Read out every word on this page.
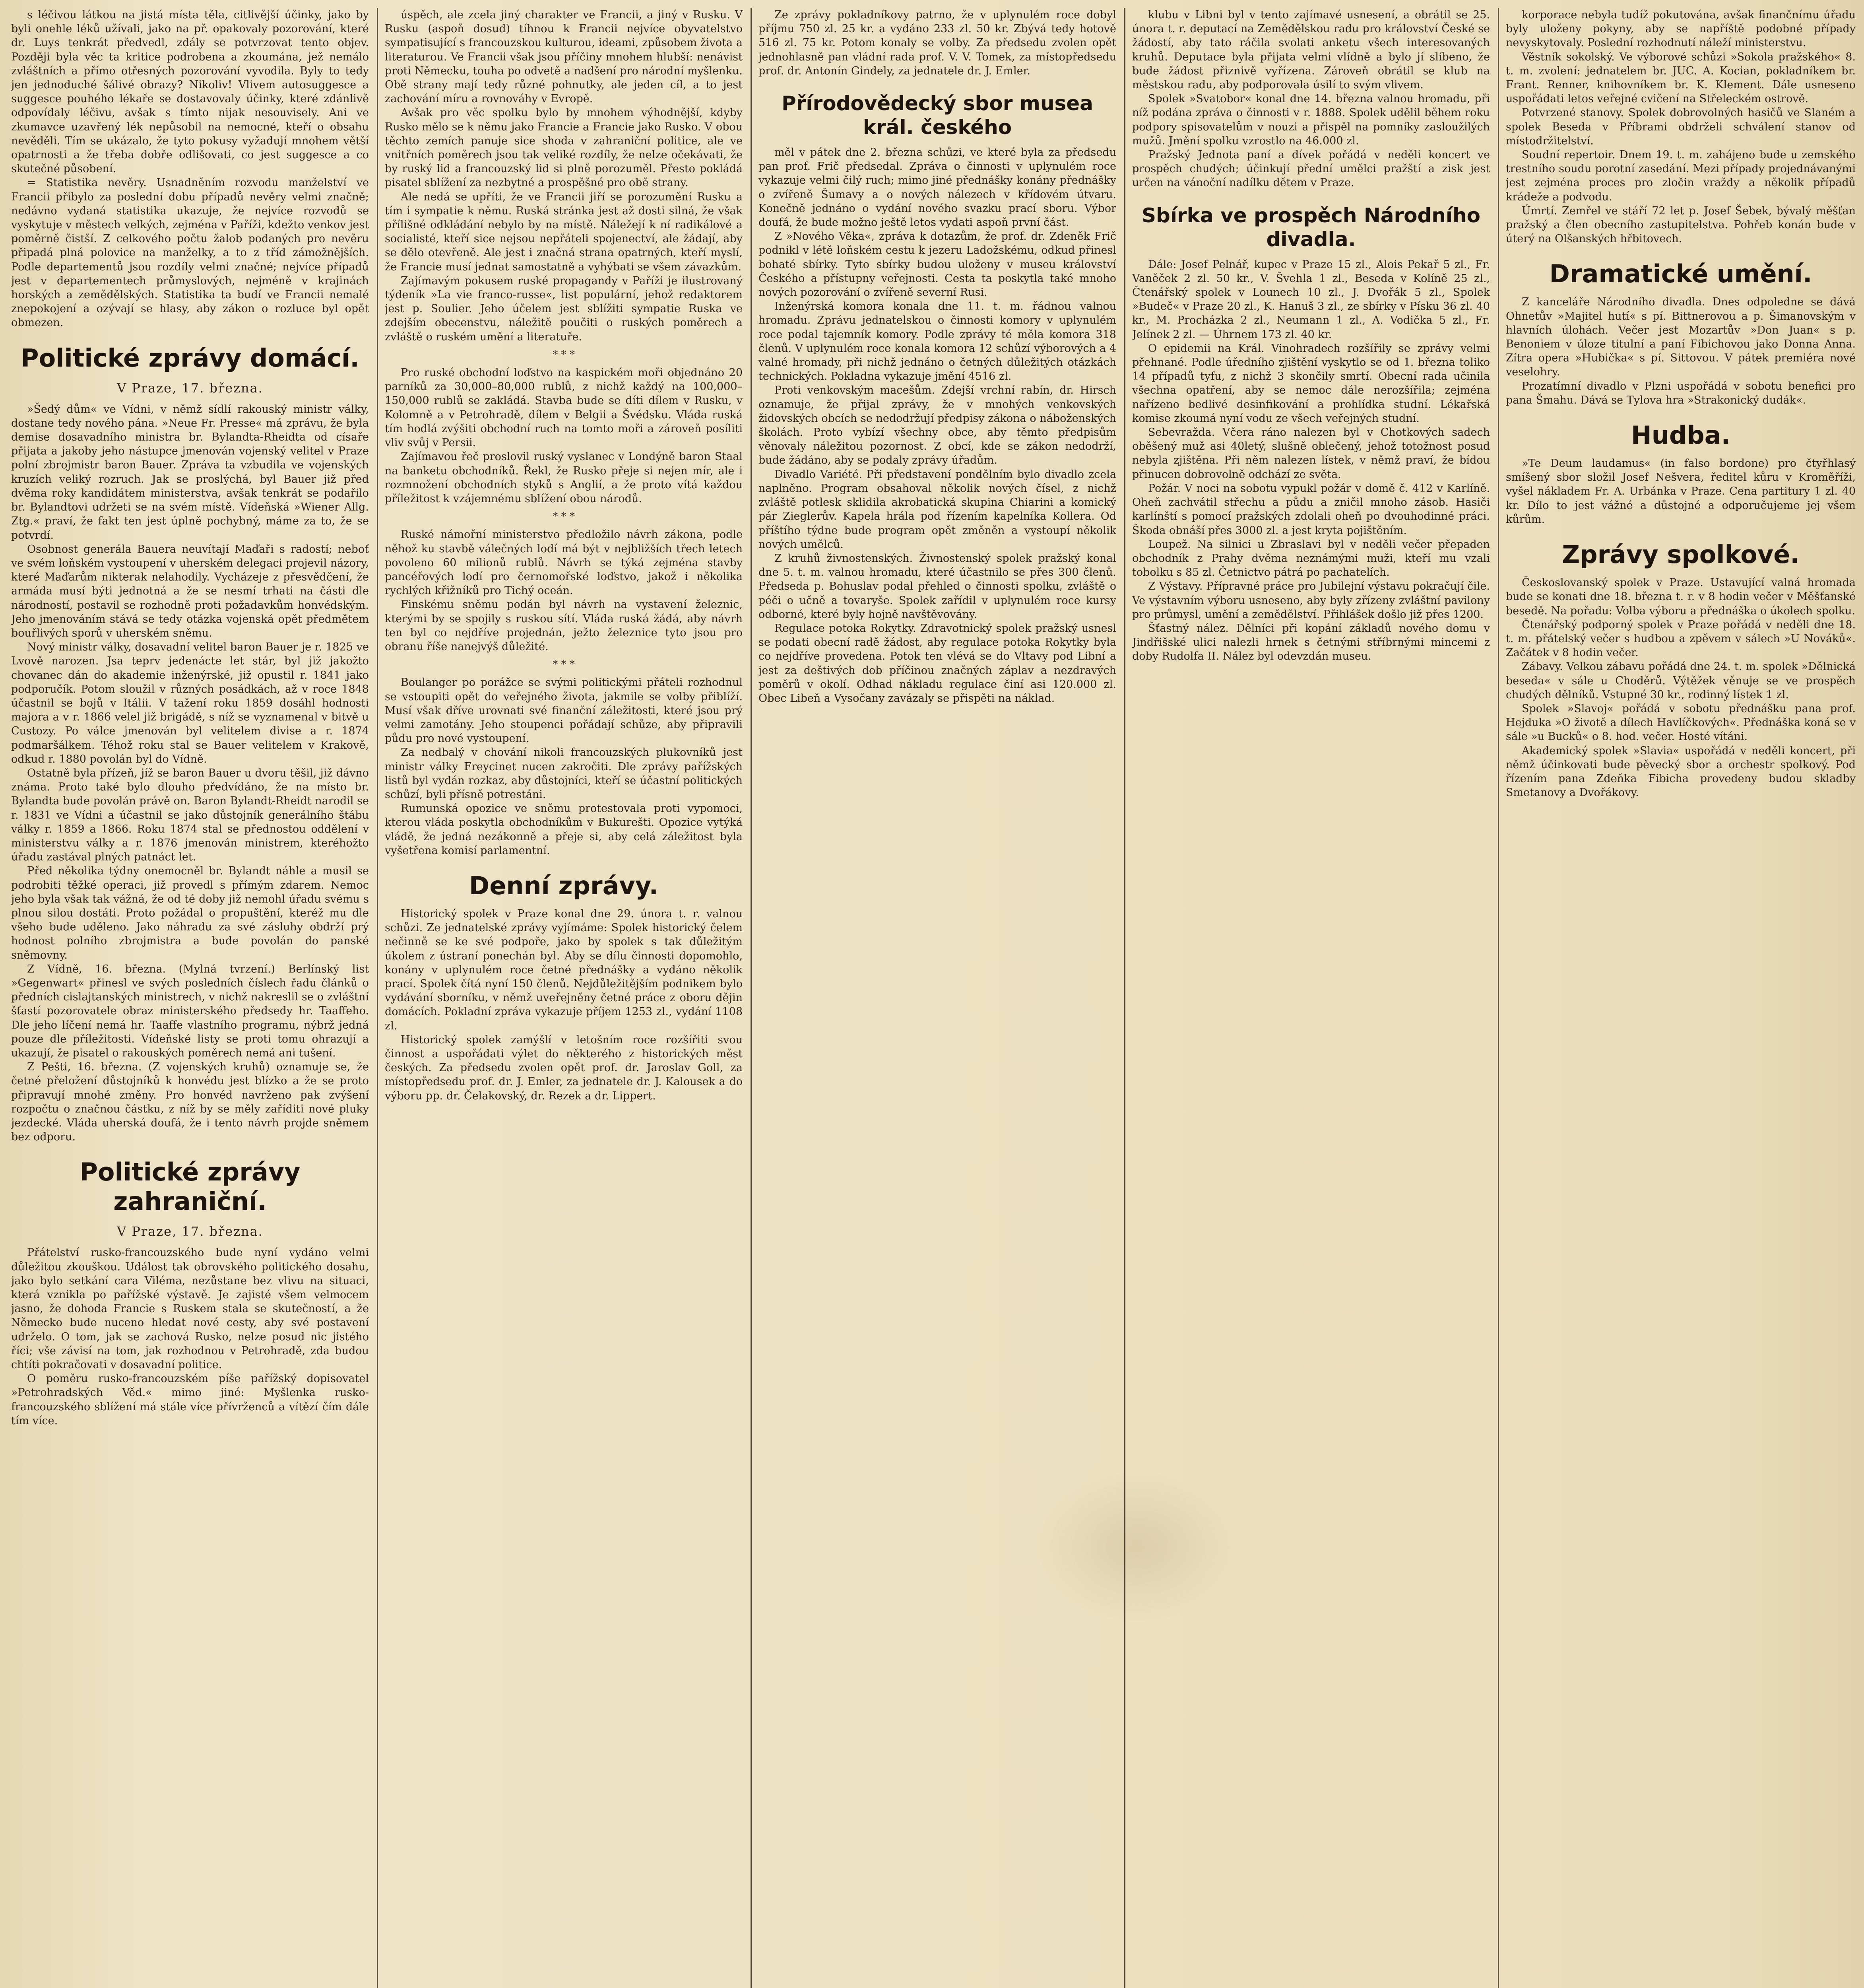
s léčivou látkou na jistá místa těla, citlivější účinky, jako by byli onehle léků užívali, jako na př. opakovaly pozorování, které dr. Luys tenkrát předvedl, zdály se potvrzovat tento objev. Později byla věc ta kritice podrobena a zkoumána, jež nemálo zvláštních a přímo otřesných pozorování vyvodila. Byly to tedy jen jednoduché šálivé obrazy? Nikoliv! Vlivem autosuggesce a suggesce pouhého lékaře se dostavovaly účinky, které zdánlivě odpovídaly léčivu, avšak s tímto nijak nesouvisely. Ani ve zkumavce uzavřený lék nepůsobil na nemocné, kteří o obsahu nevěděli. Tím se ukázalo, že tyto pokusy vyžadují mnohem větší opatrnosti a že třeba dobře odlišovati, co jest suggesce a co skutečné působení.

= Statistika nevěry. Usnadněním rozvodu manželství ve Francii přibylo za poslední dobu případů nevěry velmi značně; nedávno vydaná statistika ukazuje, že nejvíce rozvodů se vyskytuje v městech velkých, zejména v Paříži, kdežto venkov jest poměrně čistší. Z celkového počtu žalob podaných pro nevěru připadá plná polovice na manželky, a to z tříd zámožnějších. Podle departementů jsou rozdíly velmi značné; nejvíce případů jest v departementech průmyslových, nejméně v krajinách horských a zemědělských. Statistika ta budí ve Francii nemalé znepokojení a ozývají se hlasy, aby zákon o rozluce byl opět obmezen.

Politické zprávy domácí.
V Praze, 17. března.

»Šedý dům« ve Vídni, v němž sídlí rakouský ministr války, dostane tedy nového pána. »Neue Fr. Presse« má zprávu, že byla demise dosavadního ministra br. Bylandta-Rheidta od císaře přijata a jakoby jeho nástupce jmenován vojenský velitel v Praze polní zbrojmistr baron Bauer. Zpráva ta vzbudila ve vojenských kruzích veliký rozruch. Jak se proslýchá, byl Bauer již před dvěma roky kandidátem ministerstva, avšak tenkrát se podařilo br. Bylandtovi udržeti se na svém místě. Vídeňská »Wiener Allg. Ztg.« praví, že fakt ten jest úplně pochybný, máme za to, že se potvrdí.

Osobnost generála Bauera neuvítají Maďaři s radostí; neboť ve svém loňském vystoupení v uherském delegaci projevil názory, které Maďarům nikterak nelahodily. Vycházeje z přesvědčení, že armáda musí býti jednotná a že se nesmí trhati na části dle národností, postavil se rozhodně proti požadavkům honvédským. Jeho jmenováním stává se tedy otázka vojenská opět předmětem bouřlivých sporů v uherském sněmu.

Nový ministr války, dosavadní velitel baron Bauer je r. 1825 ve Lvově narozen. Jsa teprv jedenácte let stár, byl již jakožto chovanec dán do akademie inženýrské, již opustil r. 1841 jako podporučík. Potom sloužil v různých posádkách, až v roce 1848 účastnil se bojů v Itálii. V tažení roku 1859 dosáhl hodnosti majora a v r. 1866 velel již brigádě, s níž se vyznamenal v bitvě u Custozy. Po válce jmenován byl velitelem divise a r. 1874 podmaršálkem. Téhož roku stal se Bauer velitelem v Krakově, odkud r. 1880 povolán byl do Vídně.

Ostatně byla přízeň, jíž se baron Bauer u dvoru těšil, již dávno známa. Proto také bylo dlouho předvídáno, že na místo br. Bylandta bude povolán právě on. Baron Bylandt-Rheidt narodil se r. 1831 ve Vídni a účastnil se jako důstojník generálního štábu války r. 1859 a 1866. Roku 1874 stal se přednostou oddělení v ministerstvu války a r. 1876 jmenován ministrem, kteréhožto úřadu zastával plných patnáct let.

Před několika týdny onemocněl br. Bylandt náhle a musil se podrobiti těžké operaci, již provedl s přímým zdarem. Nemoc jeho byla však tak vážná, že od té doby již nemohl úřadu svému s plnou silou dostáti. Proto požádal o propuštění, kteréž mu dle všeho bude uděleno. Jako náhradu za své zásluhy obdrží prý hodnost polního zbrojmistra a bude povolán do panské sněmovny.

Z Vídně, 16. března. (Mylná tvrzení.) Berlínský list »Gegenwart« přinesl ve svých posledních číslech řadu článků o předních cislajtanských ministrech, v nichž nakreslil se o zvláštní šťastí pozorovatele obraz ministerského předsedy hr. Taaffeho. Dle jeho líčení nemá hr. Taaffe vlastního programu, nýbrž jedná pouze dle příležitosti. Vídeňské listy se proti tomu ohrazují a ukazují, že pisatel o rakouských poměrech nemá ani tušení.

Z Pešti, 16. března. (Z vojenských kruhů) oznamuje se, že četné přeložení důstojníků k honvédu jest blízko a že se proto připravují mnohé změny. Pro honvéd navrženo pak zvýšení rozpočtu o značnou částku, z níž by se měly zaříditi nové pluky jezdecké. Vláda uherská doufá, že i tento návrh projde sněmem bez odporu.

Politické zprávy zahraniční.
V Praze, 17. března.

Přátelství rusko-francouzského bude nyní vydáno velmi důležitou zkouškou. Událost tak obrovského politického dosahu, jako bylo setkání cara Viléma, nezůstane bez vlivu na situaci, která vznikla po pařížské výstavě. Je zajisté všem velmocem jasno, že dohoda Francie s Ruskem stala se skutečností, a že Německo bude nuceno hledat nové cesty, aby své postavení udrželo. O tom, jak se zachová Rusko, nelze posud nic jistého říci; vše závisí na tom, jak rozhodnou v Petrohradě, zda budou chtíti pokračovati v dosavadní politice.

O poměru rusko-francouzském píše pařížský dopisovatel »Petrohradských Věd.« mimo jiné: Myšlenka rusko-francouzského sblížení má stále více přívrženců a vítězí čím dále tím více.

úspěch, ale zcela jiný charakter ve Francii, a jiný v Rusku. V Rusku (aspoň dosud) tíhnou k Francii nejvíce obyvatelstvo sympatisující s francouzskou kulturou, ideami, způsobem života a literaturou. Ve Francii však jsou příčiny mnohem hlubší: nenávist proti Německu, touha po odvetě a nadšení pro národní myšlenku. Obě strany mají tedy různé pohnutky, ale jeden cíl, a to jest zachování míru a rovnováhy v Evropě.

Avšak pro věc spolku bylo by mnohem výhodnější, kdyby Rusko mělo se k němu jako Francie a Francie jako Rusko. V obou těchto zemích panuje sice shoda v zahraniční politice, ale ve vnitřních poměrech jsou tak veliké rozdíly, že nelze očekávati, že by ruský lid a francouzský lid si plně porozuměl. Přesto pokládá pisatel sblížení za nezbytné a prospěšné pro obě strany.

Ale nedá se upříti, že ve Francii jiří se porozumění Rusku a tím i sympatie k němu. Ruská stránka jest až dosti silná, že však přílišné odkládání nebylo by na místě. Náležejí k ní radikálové a socialisté, kteří sice nejsou nepřáteli spojenectví, ale žádají, aby se dělo otevřeně. Ale jest i značná strana opatrných, kteří myslí, že Francie musí jednat samostatně a vyhýbati se všem závazkům.

Zajímavým pokusem ruské propagandy v Paříži je ilustrovaný týdeník »La vie franco-russe«, list populární, jehož redaktorem jest p. Soulier. Jeho účelem jest sblížiti sympatie Ruska ve zdejším obecenstvu, náležitě poučiti o ruských poměrech a zvláště o ruském umění a literatuře.

* * *

Pro ruské obchodní loďstvo na kaspickém moři objednáno 20 parníků za 30,000–80,000 rublů, z nichž každý na 100,000–150,000 rublů se zakládá. Stavba bude se díti dílem v Rusku, v Kolomně a v Petrohradě, dílem v Belgii a Švédsku. Vláda ruská tím hodlá zvýšiti obchodní ruch na tomto moři a zároveň posíliti vliv svůj v Persii.

Zajímavou řeč proslovil ruský vyslanec v Londýně baron Staal na banketu obchodníků. Řekl, že Rusko přeje si nejen mír, ale i rozmnožení obchodních styků s Anglií, a že proto vítá každou příležitost k vzájemnému sblížení obou národů.

* * *

Ruské námořní ministerstvo předložilo návrh zákona, podle něhož ku stavbě válečných lodí má být v nejbližších třech letech povoleno 60 milionů rublů. Návrh se týká zejména stavby pancéřových lodí pro černomořské loďstvo, jakož i několika rychlých křižníků pro Tichý oceán.

Finskému sněmu podán byl návrh na vystavení železnic, kterými by se spojily s ruskou sítí. Vláda ruská žádá, aby návrh ten byl co nejdříve projednán, ježto železnice tyto jsou pro obranu říše nanejvýš důležité.

* * *

Boulanger po porážce se svými politickými přáteli rozhodnul se vstoupiti opět do veřejného života, jakmile se volby přiblíží. Musí však dříve urovnati své finanční záležitosti, které jsou prý velmi zamotány. Jeho stoupenci pořádají schůze, aby připravili půdu pro nové vystoupení.

Za nedbalý v chování nikoli francouzských plukovníků jest ministr války Freycinet nucen zakročiti. Dle zprávy pařížských listů byl vydán rozkaz, aby důstojníci, kteří se účastní politických schůzí, byli přísně potrestáni.

Rumunská opozice ve sněmu protestovala proti vypomoci, kterou vláda poskytla obchodníkům v Bukurešti. Opozice vytýká vládě, že jedná nezákonně a přeje si, aby celá záležitost byla vyšetřena komisí parlamentní.

Denní zprávy.

Historický spolek v Praze konal dne 29. února t. r. valnou schůzi. Ze jednatelské zprávy vyjímáme: Spolek historický čelem nečinně se ke své podpoře, jako by spolek s tak důležitým úkolem z ústraní ponechán byl. Aby se dílu činnosti dopomohlo, konány v uplynulém roce četné přednášky a vydáno několik prací. Spolek čítá nyní 150 členů. Nejdůležitějším podnikem bylo vydávání sborníku, v němž uveřejněny četné práce z oboru dějin domácích. Pokladní zpráva vykazuje příjem 1253 zl., vydání 1108 zl.

Historický spolek zamýšlí v letošním roce rozšířiti svou činnost a uspořádati výlet do některého z historických měst českých. Za předsedu zvolen opět prof. dr. Jaroslav Goll, za místopředsedu prof. dr. J. Emler, za jednatele dr. J. Kalousek a do výboru pp. dr. Čelakovský, dr. Rezek a dr. Lippert.

Ze zprávy pokladníkovy patrno, že v uplynulém roce dobyl příjmu 750 zl. 25 kr. a vydáno 233 zl. 50 kr. Zbývá tedy hotově 516 zl. 75 kr. Potom konaly se volby. Za předsedu zvolen opět jednohlasně pan vládní rada prof. V. V. Tomek, za místopředsedu prof. dr. Antonín Gindely, za jednatele dr. J. Emler.

Přírodovědecký sbor musea král. českého

měl v pátek dne 2. března schůzi, ve které byla za předsedu pan prof. Frič předsedal. Zpráva o činnosti v uplynulém roce vykazuje velmi čilý ruch; mimo jiné přednášky konány přednášky o zvířeně Šumavy a o nových nálezech v křídovém útvaru. Konečně jednáno o vydání nového svazku prací sboru. Výbor doufá, že bude možno ještě letos vydati aspoň první část.

Z »Nového Věka«, zpráva k dotazům, že prof. dr. Zdeněk Frič podnikl v létě loňském cestu k jezeru Ladožskému, odkud přinesl bohaté sbírky. Tyto sbírky budou uloženy v museu království Českého a přístupny veřejnosti. Cesta ta poskytla také mnoho nových pozorování o zvířeně severní Rusi.

Inženýrská komora konala dne 11. t. m. řádnou valnou hromadu. Zprávu jednatelskou o činnosti komory v uplynulém roce podal tajemník komory. Podle zprávy té měla komora 318 členů. V uplynulém roce konala komora 12 schůzí výborových a 4 valné hromady, při nichž jednáno o četných důležitých otázkách technických. Pokladna vykazuje jmění 4516 zl.

Proti venkovským macešům. Zdejší vrchní rabín, dr. Hirsch oznamuje, že přijal zprávy, že v mnohých venkovských židovských obcích se nedodržují předpisy zákona o náboženských školách. Proto vybízí všechny obce, aby těmto předpisům věnovaly náležitou pozornost. Z obcí, kde se zákon nedodrží, bude žádáno, aby se podaly zprávy úřadům.

Divadlo Variété. Při představení pondělním bylo divadlo zcela naplněno. Program obsahoval několik nových čísel, z nichž zvláště potlesk sklidila akrobatická skupina Chiarini a komický pár Zieglerův. Kapela hrála pod řízením kapelníka Kollera. Od příštího týdne bude program opět změněn a vystoupí několik nových umělců.

Z kruhů živnostenských. Živnostenský spolek pražský konal dne 5. t. m. valnou hromadu, které účastnilo se přes 300 členů. Předseda p. Bohuslav podal přehled o činnosti spolku, zvláště o péči o učně a tovaryše. Spolek zařídil v uplynulém roce kursy odborné, které byly hojně navštěvovány.

Regulace potoka Rokytky. Zdravotnický spolek pražský usnesl se podati obecní radě žádost, aby regulace potoka Rokytky byla co nejdříve provedena. Potok ten vlévá se do Vltavy pod Libní a jest za deštivých dob příčinou značných záplav a nezdravých poměrů v okolí. Odhad nákladu regulace činí asi 120.000 zl. Obec Libeň a Vysočany zavázaly se přispěti na náklad.

klubu v Libni byl v tento zajímavé usnesení, a obrátil se 25. února t. r. deputací na Zemědělskou radu pro království České se žádostí, aby tato ráčila svolati anketu všech interesovaných kruhů. Deputace byla přijata velmi vlídně a bylo jí slíbeno, že bude žádost přiznivě vyřízena. Zároveň obrátil se klub na městskou radu, aby podporovala úsilí to svým vlivem.

Spolek »Svatobor« konal dne 14. března valnou hromadu, při níž podána zpráva o činnosti v r. 1888. Spolek udělil během roku podpory spisovatelům v nouzi a přispěl na pomníky zasloužilých mužů. Jmění spolku vzrostlo na 46.000 zl.

Pražský Jednota paní a dívek pořádá v neděli koncert ve prospěch chudých; účinkují přední umělci pražští a zisk jest určen na vánoční nadílku dětem v Praze.

Sbírka ve prospěch Národního divadla.

Dále: Josef Pelnář, kupec v Praze 15 zl., Alois Pekař 5 zl., Fr. Vaněček 2 zl. 50 kr., V. Švehla 1 zl., Beseda v Kolíně 25 zl., Čtenářský spolek v Lounech 10 zl., J. Dvořák 5 zl., Spolek »Budeč« v Praze 20 zl., K. Hanuš 3 zl., ze sbírky v Písku 36 zl. 40 kr., M. Procházka 2 zl., Neumann 1 zl., A. Vodička 5 zl., Fr. Jelínek 2 zl. — Úhrnem 173 zl. 40 kr.

O epidemii na Král. Vinohradech rozšířily se zprávy velmi přehnané. Podle úředního zjištění vyskytlo se od 1. března toliko 14 případů tyfu, z nichž 3 skončily smrtí. Obecní rada učinila všechna opatření, aby se nemoc dále nerozšířila; zejména nařízeno bedlivé desinfikování a prohlídka studní. Lékařská komise zkoumá nyní vodu ze všech veřejných studní.

Sebevražda. Včera ráno nalezen byl v Chotkových sadech oběšený muž asi 40letý, slušně oblečený, jehož totožnost posud nebyla zjištěna. Při něm nalezen lístek, v němž praví, že bídou přinucen dobrovolně odchází ze světa.

Požár. V noci na sobotu vypukl požár v domě č. 412 v Karlíně. Oheň zachvátil střechu a půdu a zničil mnoho zásob. Hasiči karlínští s pomocí pražských zdolali oheň po dvouhodinné práci. Škoda obnáší přes 3000 zl. a jest kryta pojištěním.

Loupež. Na silnici u Zbraslavi byl v neděli večer přepaden obchodník z Prahy dvěma neznámými muži, kteří mu vzali tobolku s 85 zl. Četnictvo pátrá po pachatelích.

Z Výstavy. Přípravné práce pro Jubilejní výstavu pokračují čile. Ve výstavním výboru usneseno, aby byly zřízeny zvláštní pavilony pro průmysl, umění a zemědělství. Přihlášek došlo již přes 1200.

Šťastný nález. Dělníci při kopání základů nového domu v Jindřišské ulici nalezli hrnek s četnými stříbrnými mincemi z doby Rudolfa II. Nález byl odevzdán museu.

korporace nebyla tudíž pokutována, avšak finančnímu úřadu byly uloženy pokyny, aby se napříště podobné případy nevyskytovaly. Poslední rozhodnutí náleží ministerstvu.

Věstník sokolský. Ve výborové schůzi »Sokola pražského« 8. t. m. zvolení: jednatelem br. JUC. A. Kocian, pokladníkem br. Frant. Renner, knihovníkem br. K. Klement. Dále usneseno uspořádati letos veřejné cvičení na Střeleckém ostrově.

Potvrzené stanovy. Spolek dobrovolných hasičů ve Slaném a spolek Beseda v Příbrami obdrželi schválení stanov od místodržitelství.

Soudní repertoir. Dnem 19. t. m. zahájeno bude u zemského trestního soudu porotní zasedání. Mezi případy projednávanými jest zejména proces pro zločin vraždy a několik případů krádeže a podvodu.

Úmrtí. Zemřel ve stáří 72 let p. Josef Šebek, bývalý měšťan pražský a člen obecního zastupitelstva. Pohřeb konán bude v úterý na Olšanských hřbitovech.

Dramatické umění.

Z kanceláře Národního divadla. Dnes odpoledne se dává Ohnetův »Majitel hutí« s pí. Bittnerovou a p. Šimanovským v hlavních úlohách. Večer jest Mozartův »Don Juan« s p. Benoniem v úloze titulní a paní Fibichovou jako Donna Anna. Zítra opera »Hubička« s pí. Sittovou. V pátek premiéra nové veselohry.

Prozatímní divadlo v Plzni uspořádá v sobotu benefici pro pana Šmahu. Dává se Tylova hra »Strakonický dudák«.

Hudba.

»Te Deum laudamus« (in falso bordone) pro čtyřhlasý smíšený sbor složil Josef Nešvera, ředitel kůru v Kroměříži, vyšel nákladem Fr. A. Urbánka v Praze. Cena partitury 1 zl. 40 kr. Dílo to jest vážné a důstojné a odporučujeme jej všem kůrům.

Zprávy spolkové.

Českoslovanský spolek v Praze. Ustavující valná hromada bude se konati dne 18. března t. r. v 8 hodin večer v Měšťanské besedě. Na pořadu: Volba výboru a přednáška o úkolech spolku.

Čtenářský podporný spolek v Praze pořádá v neděli dne 18. t. m. přátelský večer s hudbou a zpěvem v sálech »U Nováků«. Začátek v 8 hodin večer.

Zábavy. Velkou zábavu pořádá dne 24. t. m. spolek »Dělnická beseda« v sále u Choděrů. Výtěžek věnuje se ve prospěch chudých dělníků. Vstupné 30 kr., rodinný lístek 1 zl.

Spolek »Slavoj« pořádá v sobotu přednášku pana prof. Hejduka »O životě a dílech Havlíčkových«. Přednáška koná se v sále »u Bucků« o 8. hod. večer. Hosté vítáni.

Akademický spolek »Slavia« uspořádá v neděli koncert, při němž účinkovati bude pěvecký sbor a orchestr spolkový. Pod řízením pana Zdeňka Fibicha provedeny budou skladby Smetanovy a Dvořákovy.
